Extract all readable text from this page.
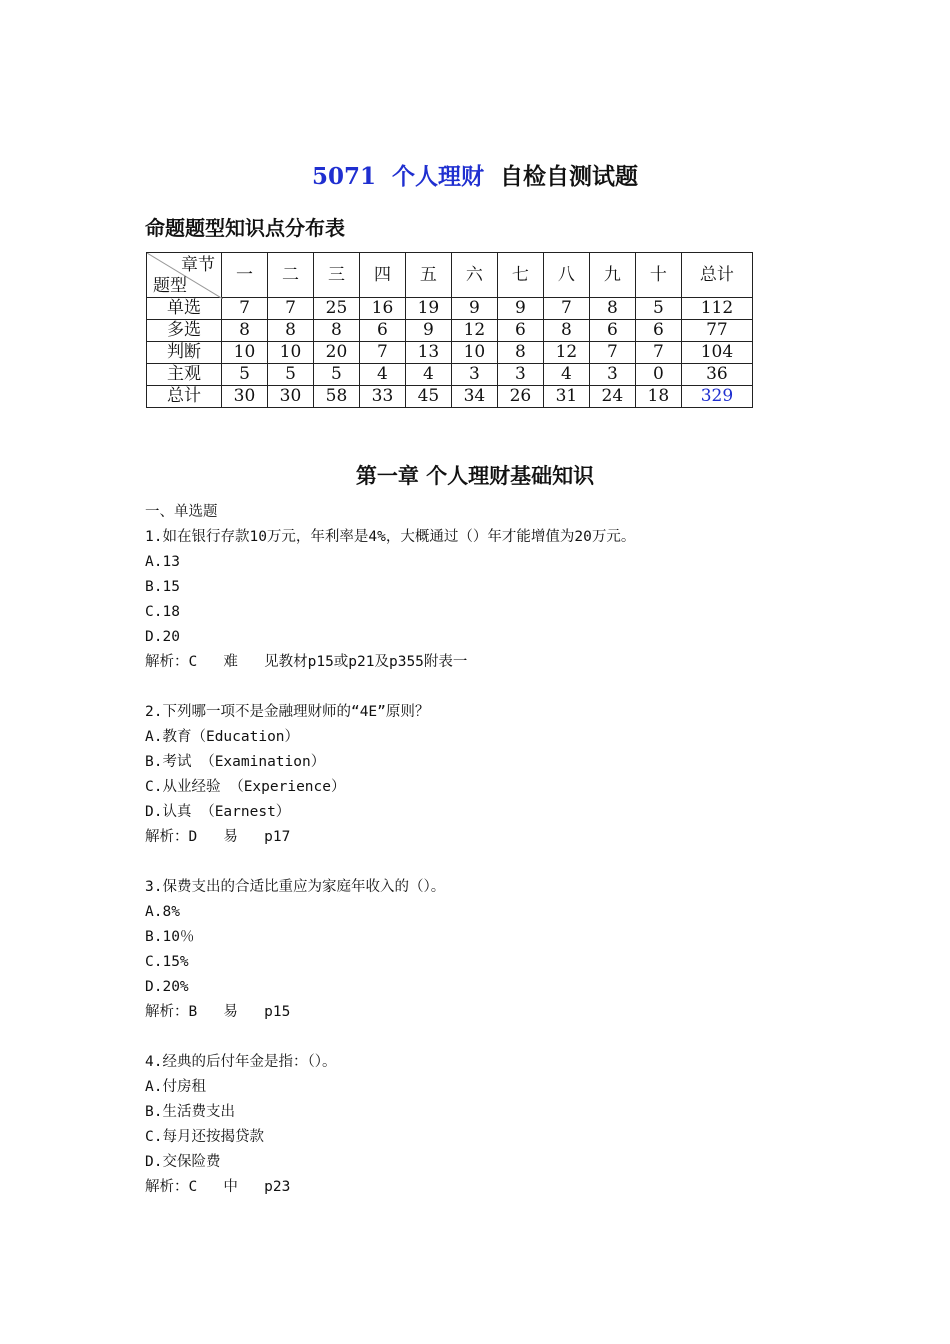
5071 个人理财 自检自测试题
命题题型知识点分布表
章节
题型	一	二	三	四	五	六	七	八	九	十	总计
单选	7	7	25	16	19	9	9	7	8	5	112
多选	8	8	8	6	9	12	6	8	6	6	77
判断	10	10	20	7	13	10	8	12	7	7	104
主观	5	5	5	4	4	3	3	4	3	0	36
总计	30	30	58	33	45	34	26	31	24	18	329
第一章 个人理财基础知识
一、单选题
1.如在银行存款10万元，年利率是4%，大概通过（）年才能增值为20万元。
A.13
B.15
C.18
D.20
解析：C   难   见教材p15或p21及p355附表一
2.下列哪一项不是金融理财师的“4E”原则？
A.教育（Education）
B.考试 （Examination）
C.从业经验 （Experience）
D.认真 （Earnest）
解析：D   易   p17
3.保费支出的合适比重应为家庭年收入的（）。
A.8%
B.10％
C.15%
D.20%
解析：B   易   p15
4.经典的后付年金是指：（）。
A.付房租
B.生活费支出
C.每月还按揭贷款
D.交保险费
解析：C   中   p23
